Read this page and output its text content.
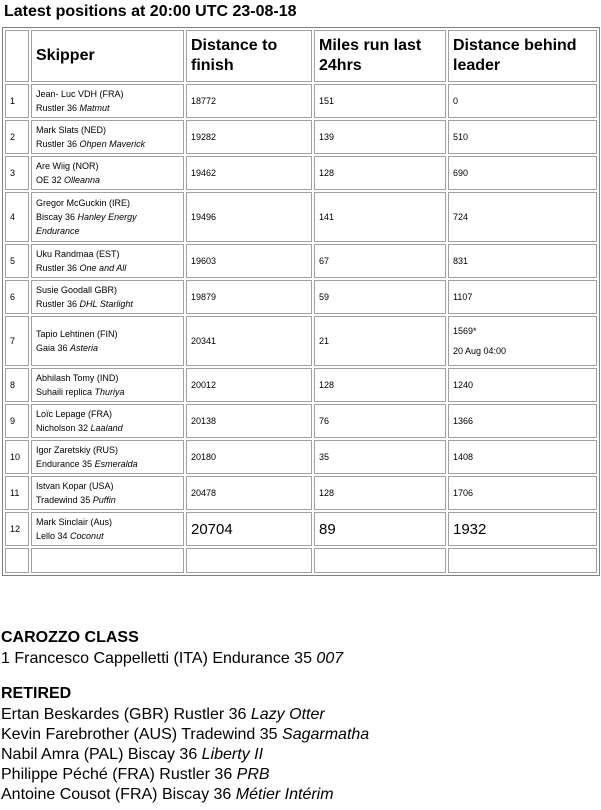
Latest positions at 20:00 UTC 23-08-18
	Skipper	Distance to finish	Miles run last 24hrs	Distance behind leader
1	Jean- Luc VDH (FRA)
Rustler 36 Matmut	18772	151	0
2	Mark Slats (NED)
Rustler 36 Ohpen Maverick	19282	139	510
3	Are Wiig (NOR)
OE 32 Olleanna	19462	128	690
4	Gregor McGuckin (IRE)
Biscay 36 Hanley Energy Endurance	19496	141	724
5	Uku Randmaa (EST)
Rustler 36 One and All	19603	67	831
6	Susie Goodall GBR)
Rustler 36 DHL Starlight	19879	59	1107
7	Tapio Lehtinen (FIN)
Gaia 36 Asteria	20341	21	1569*
20 Aug 04:00

8	Abhilash Tomy (IND)
Suhaili replica Thuriya	20012	128	1240
9	Loïc Lepage (FRA)
Nicholson 32 Laaland	20138	76	1366
10	Igor Zaretskiy (RUS)
Endurance 35 Esmeralda	20180	35	1408
11	Istvan Kopar (USA)
Tradewind 35 Puffin	20478	128	1706
12	Mark Sinclair (Aus)
Lello 34 Coconut	20704	89	1932

CAROZZO CLASS
1 Francesco Cappelletti (ITA) Endurance 35 007
RETIRED
Ertan Beskardes (GBR) Rustler 36 Lazy Otter
Kevin Farebrother (AUS) Tradewind 35 Sagarmatha
Nabil Amra (PAL) Biscay 36 Liberty II
Philippe Péché (FRA) Rustler 36 PRB
Antoine Cousot (FRA) Biscay 36 Métier Intérim
